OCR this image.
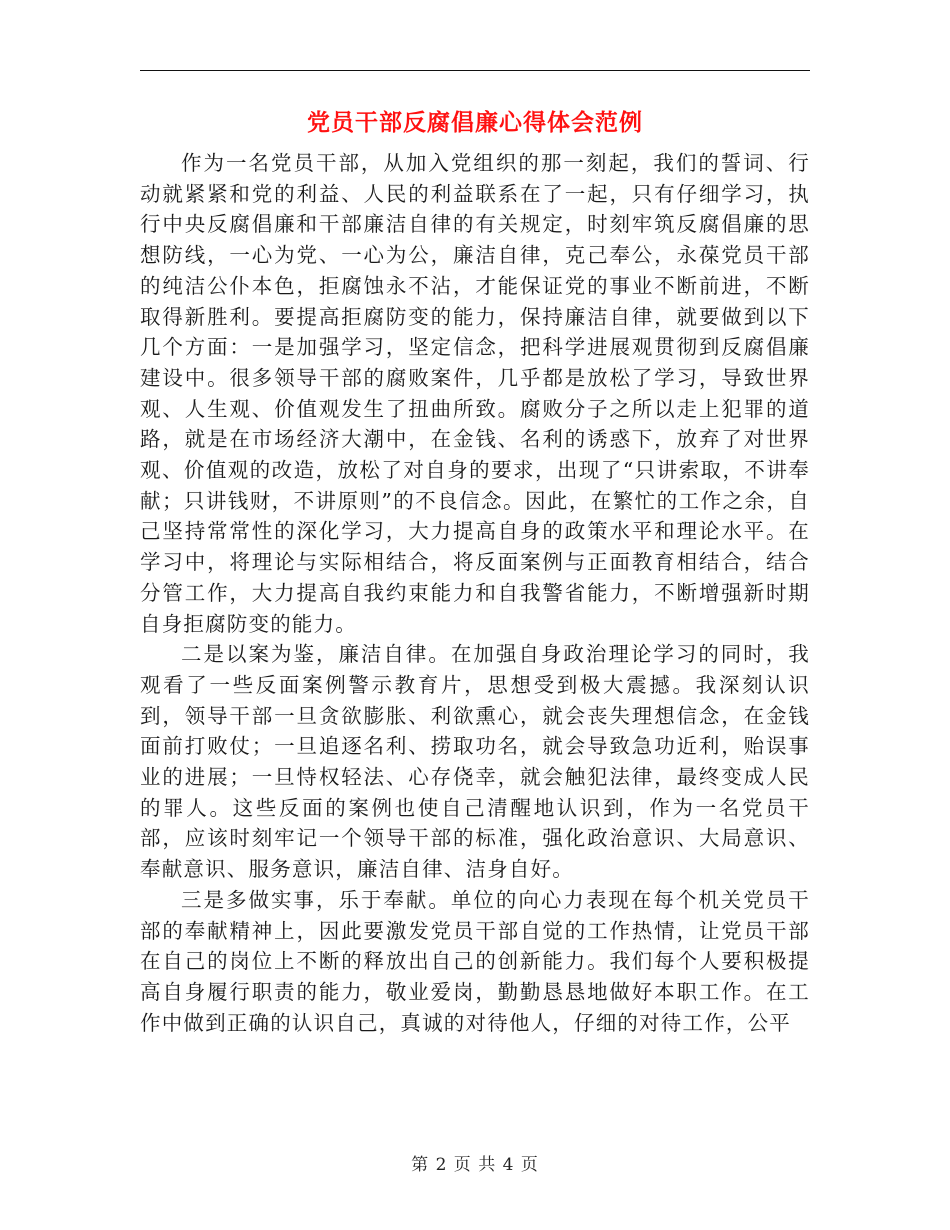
党员干部反腐倡廉心得体会范例

作为一名党员干部，从加入党组织的那一刻起，我们的誓词、行动就紧紧和党的利益、人民的利益联系在了一起，只有仔细学习，执行中央反腐倡廉和干部廉洁自律的有关规定，时刻牢筑反腐倡廉的思想防线，一心为党、一心为公，廉洁自律，克己奉公，永葆党员干部的纯洁公仆本色，拒腐蚀永不沾，才能保证党的事业不断前进，不断取得新胜利。要提高拒腐防变的能力，保持廉洁自律，就要做到以下几个方面：一是加强学习，坚定信念，把科学进展观贯彻到反腐倡廉建设中。很多领导干部的腐败案件，几乎都是放松了学习，导致世界观、人生观、价值观发生了扭曲所致。腐败分子之所以走上犯罪的道路，就是在市场经济大潮中，在金钱、名利的诱惑下，放弃了对世界观、价值观的改造，放松了对自身的要求，出现了“只讲索取，不讲奉献；只讲钱财，不讲原则”的不良信念。因此，在繁忙的工作之余，自己坚持常常性的深化学习，大力提高自身的政策水平和理论水平。在学习中，将理论与实际相结合，将反面案例与正面教育相结合，结合分管工作，大力提高自我约束能力和自我警省能力，不断增强新时期自身拒腐防变的能力。

二是以案为鉴，廉洁自律。在加强自身政治理论学习的同时，我观看了一些反面案例警示教育片，思想受到极大震撼。我深刻认识到，领导干部一旦贪欲膨胀、利欲熏心，就会丧失理想信念，在金钱面前打败仗；一旦追逐名利、捞取功名，就会导致急功近利，贻误事业的进展；一旦恃权轻法、心存侥幸，就会触犯法律，最终变成人民的罪人。这些反面的案例也使自己清醒地认识到，作为一名党员干部，应该时刻牢记一个领导干部的标准，强化政治意识、大局意识、奉献意识、服务意识，廉洁自律、洁身自好。

三是多做实事，乐于奉献。单位的向心力表现在每个机关党员干部的奉献精神上，因此要激发党员干部自觉的工作热情，让党员干部在自己的岗位上不断的释放出自己的创新能力。我们每个人要积极提高自身履行职责的能力，敬业爱岗，勤勤恳恳地做好本职工作。在工作中做到正确的认识自己，真诚的对待他人，仔细的对待工作，公平

第 2 页 共 4 页
